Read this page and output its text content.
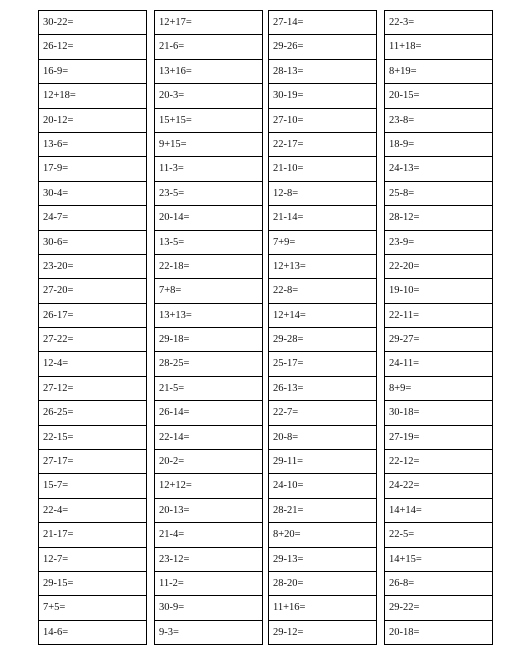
30-22=
26-12=
16-9=
12+18=
20-12=
13-6=
17-9=
30-4=
24-7=
30-6=
23-20=
27-20=
26-17=
27-22=
12-4=
27-12=
26-25=
22-15=
27-17=
15-7=
22-4=
21-17=
12-7=
29-15=
7+5=
14-6=
12+17=
21-6=
13+16=
20-3=
15+15=
9+15=
11-3=
23-5=
20-14=
13-5=
22-18=
7+8=
13+13=
29-18=
28-25=
21-5=
26-14=
22-14=
20-2=
12+12=
20-13=
21-4=
23-12=
11-2=
30-9=
9-3=
27-14=
29-26=
28-13=
30-19=
27-10=
22-17=
21-10=
12-8=
21-14=
7+9=
12+13=
22-8=
12+14=
29-28=
25-17=
26-13=
22-7=
20-8=
29-11=
24-10=
28-21=
8+20=
29-13=
28-20=
11+16=
29-12=
22-3=
11+18=
8+19=
20-15=
23-8=
18-9=
24-13=
25-8=
28-12=
23-9=
22-20=
19-10=
22-11=
29-27=
24-11=
8+9=
30-18=
27-19=
22-12=
24-22=
14+14=
22-5=
14+15=
26-8=
29-22=
20-18=
